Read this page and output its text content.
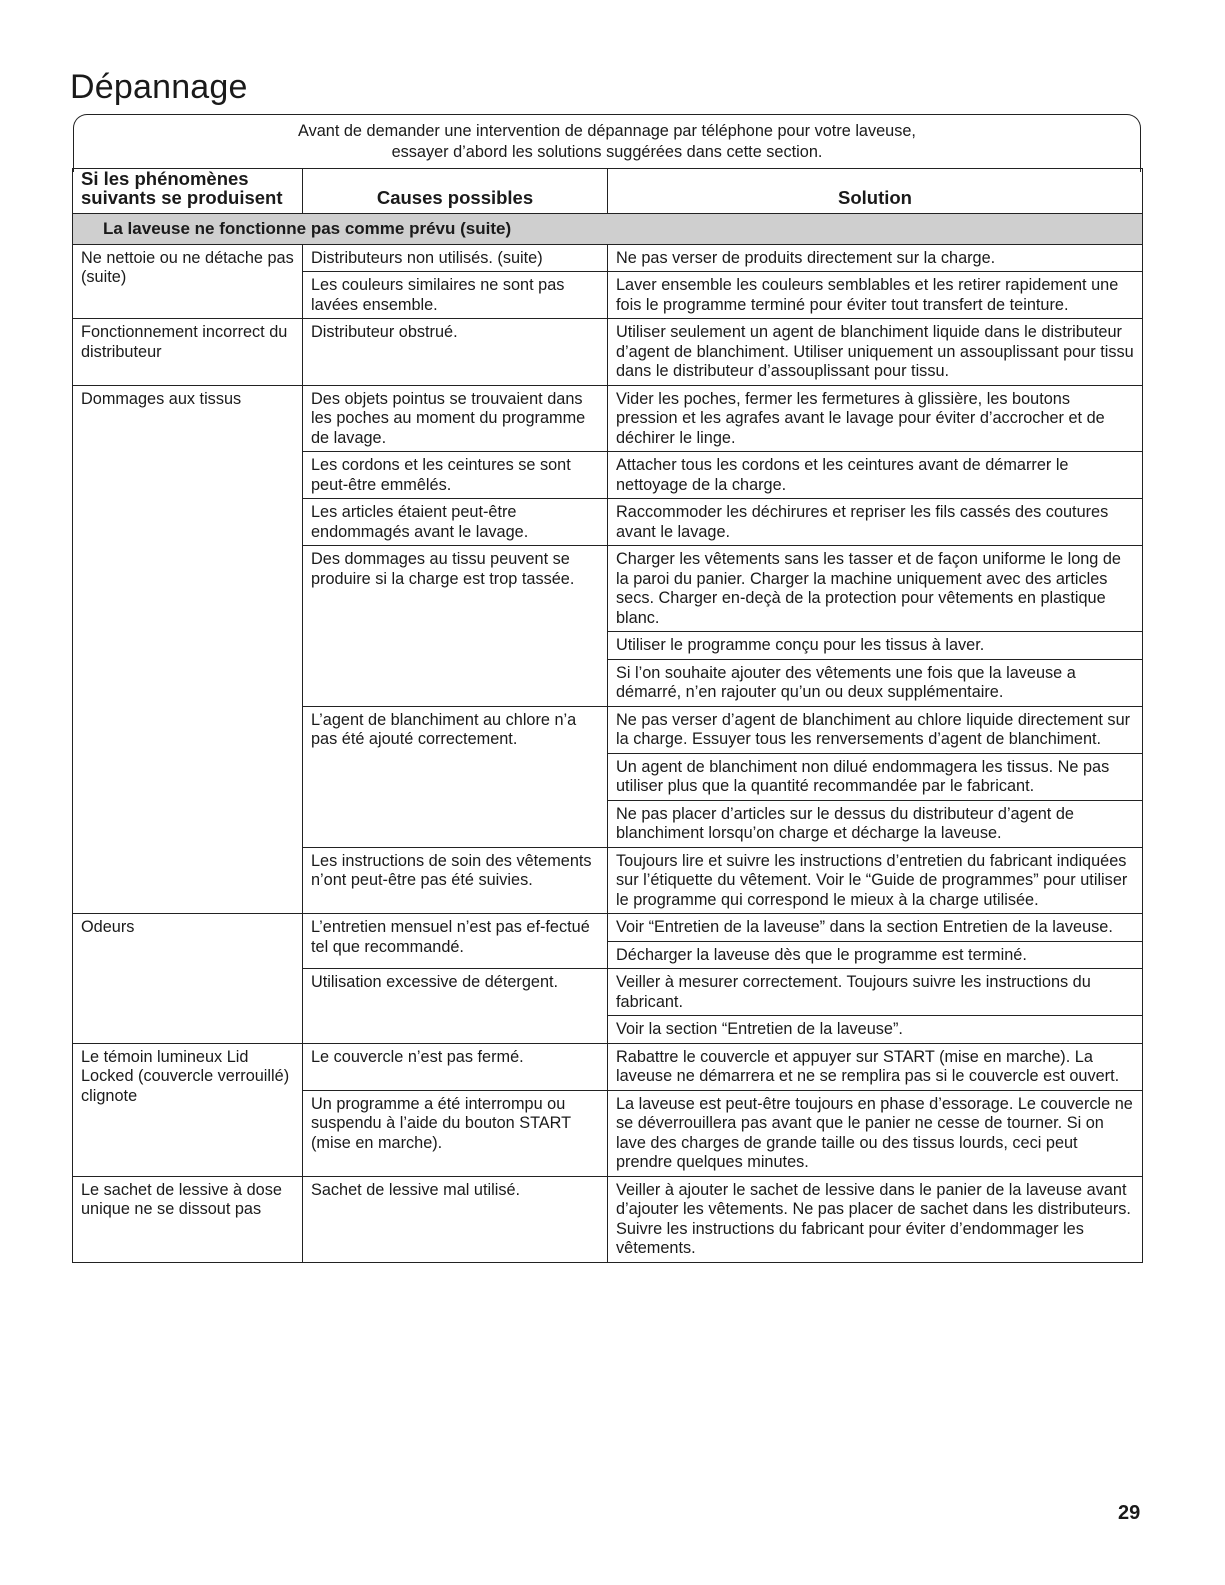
Dépannage
Avant de demander une intervention de dépannage par téléphone pour votre laveuse,
essayer d’abord les solutions suggérées dans cette section.
Si les phénomènes
suivants se produisent	Causes possibles	Solution
La laveuse ne fonctionne pas comme prévu (suite)		
Ne nettoie ou ne détache pas (suite)	Distributeurs non utilisés. (suite)	Ne pas verser de produits directement sur la charge.
	Les couleurs similaires ne sont pas lavées ensemble.	Laver ensemble les couleurs semblables et les retirer rapidement une fois le programme terminé pour éviter tout transfert de teinture.
Fonctionnement incorrect du distributeur	Distributeur obstrué.	Utiliser seulement un agent de blanchiment liquide dans le distributeur d’agent de blanchiment. Utiliser uniquement un assouplissant pour tissu dans le distributeur d’assouplissant pour tissu.
Dommages aux tissus	Des objets pointus se trouvaient dans les poches au moment du programme de lavage.	Vider les poches, fermer les fermetures à glissière, les boutons pression et les agrafes avant le lavage pour éviter d’accrocher et de déchirer le linge.
	Les cordons et les ceintures se sont peut-être emmêlés.	Attacher tous les cordons et les ceintures avant de démarrer le nettoyage de la charge.
	Les articles étaient peut-être endommagés avant le lavage.	Raccommoder les déchirures et repriser les fils cassés des coutures avant le lavage.
	Des dommages au tissu peuvent se produire si la charge est trop tassée.	Charger les vêtements sans les tasser et de façon uniforme le long de la paroi du panier. Charger la machine uniquement avec des articles secs. Charger en-deçà de la protection pour vêtements en plastique blanc.
		Utiliser le programme conçu pour les tissus à laver.
		Si l’on souhaite ajouter des vêtements une fois que la laveuse a démarré, n’en rajouter qu’un ou deux supplémentaire.
	L’agent de blanchiment au chlore n’a pas été ajouté correctement.	Ne pas verser d’agent de blanchiment au chlore liquide directement sur la charge. Essuyer tous les renversements d’agent de blanchiment.
		Un agent de blanchiment non dilué endommagera les tissus. Ne pas utiliser plus que la quantité recommandée par le fabricant.
		Ne pas placer d’articles sur le dessus du distributeur d’agent de blanchiment lorsqu’on charge et décharge la laveuse.
	Les instructions de soin des vêtements n’ont peut-être pas été suivies.	Toujours lire et suivre les instructions d’entretien du fabricant indiquées sur l’étiquette du vêtement. Voir le “Guide de programmes” pour utiliser le programme qui correspond le mieux à la charge utilisée.
Odeurs	L’entretien mensuel n’est pas ef-fectué tel que recommandé.	Voir “Entretien de la laveuse” dans la section Entretien de la laveuse.
		Décharger la laveuse dès que le programme est terminé.
	Utilisation excessive de détergent.	Veiller à mesurer correctement. Toujours suivre les instructions du fabricant.
		Voir la section “Entretien de la laveuse”.
Le témoin lumineux Lid Locked (couvercle verrouillé) clignote	Le couvercle n’est pas fermé.	Rabattre le couvercle et appuyer sur START (mise en marche). La laveuse ne démarrera et ne se remplira pas si le couvercle est ouvert.
	Un programme a été interrompu ou suspendu à l’aide du bouton START (mise en marche).	La laveuse est peut-être toujours en phase d’essorage. Le couvercle ne se déverrouillera pas avant que le panier ne cesse de tourner. Si on lave des charges de grande taille ou des tissus lourds, ceci peut prendre quelques minutes.
Le sachet de lessive à dose unique ne se dissout pas	Sachet de lessive mal utilisé.	Veiller à ajouter le sachet de lessive dans le panier de la laveuse avant d’ajouter les vêtements. Ne pas placer de sachet dans les distributeurs. Suivre les instructions du fabricant pour éviter d’endommager les vêtements.
29
